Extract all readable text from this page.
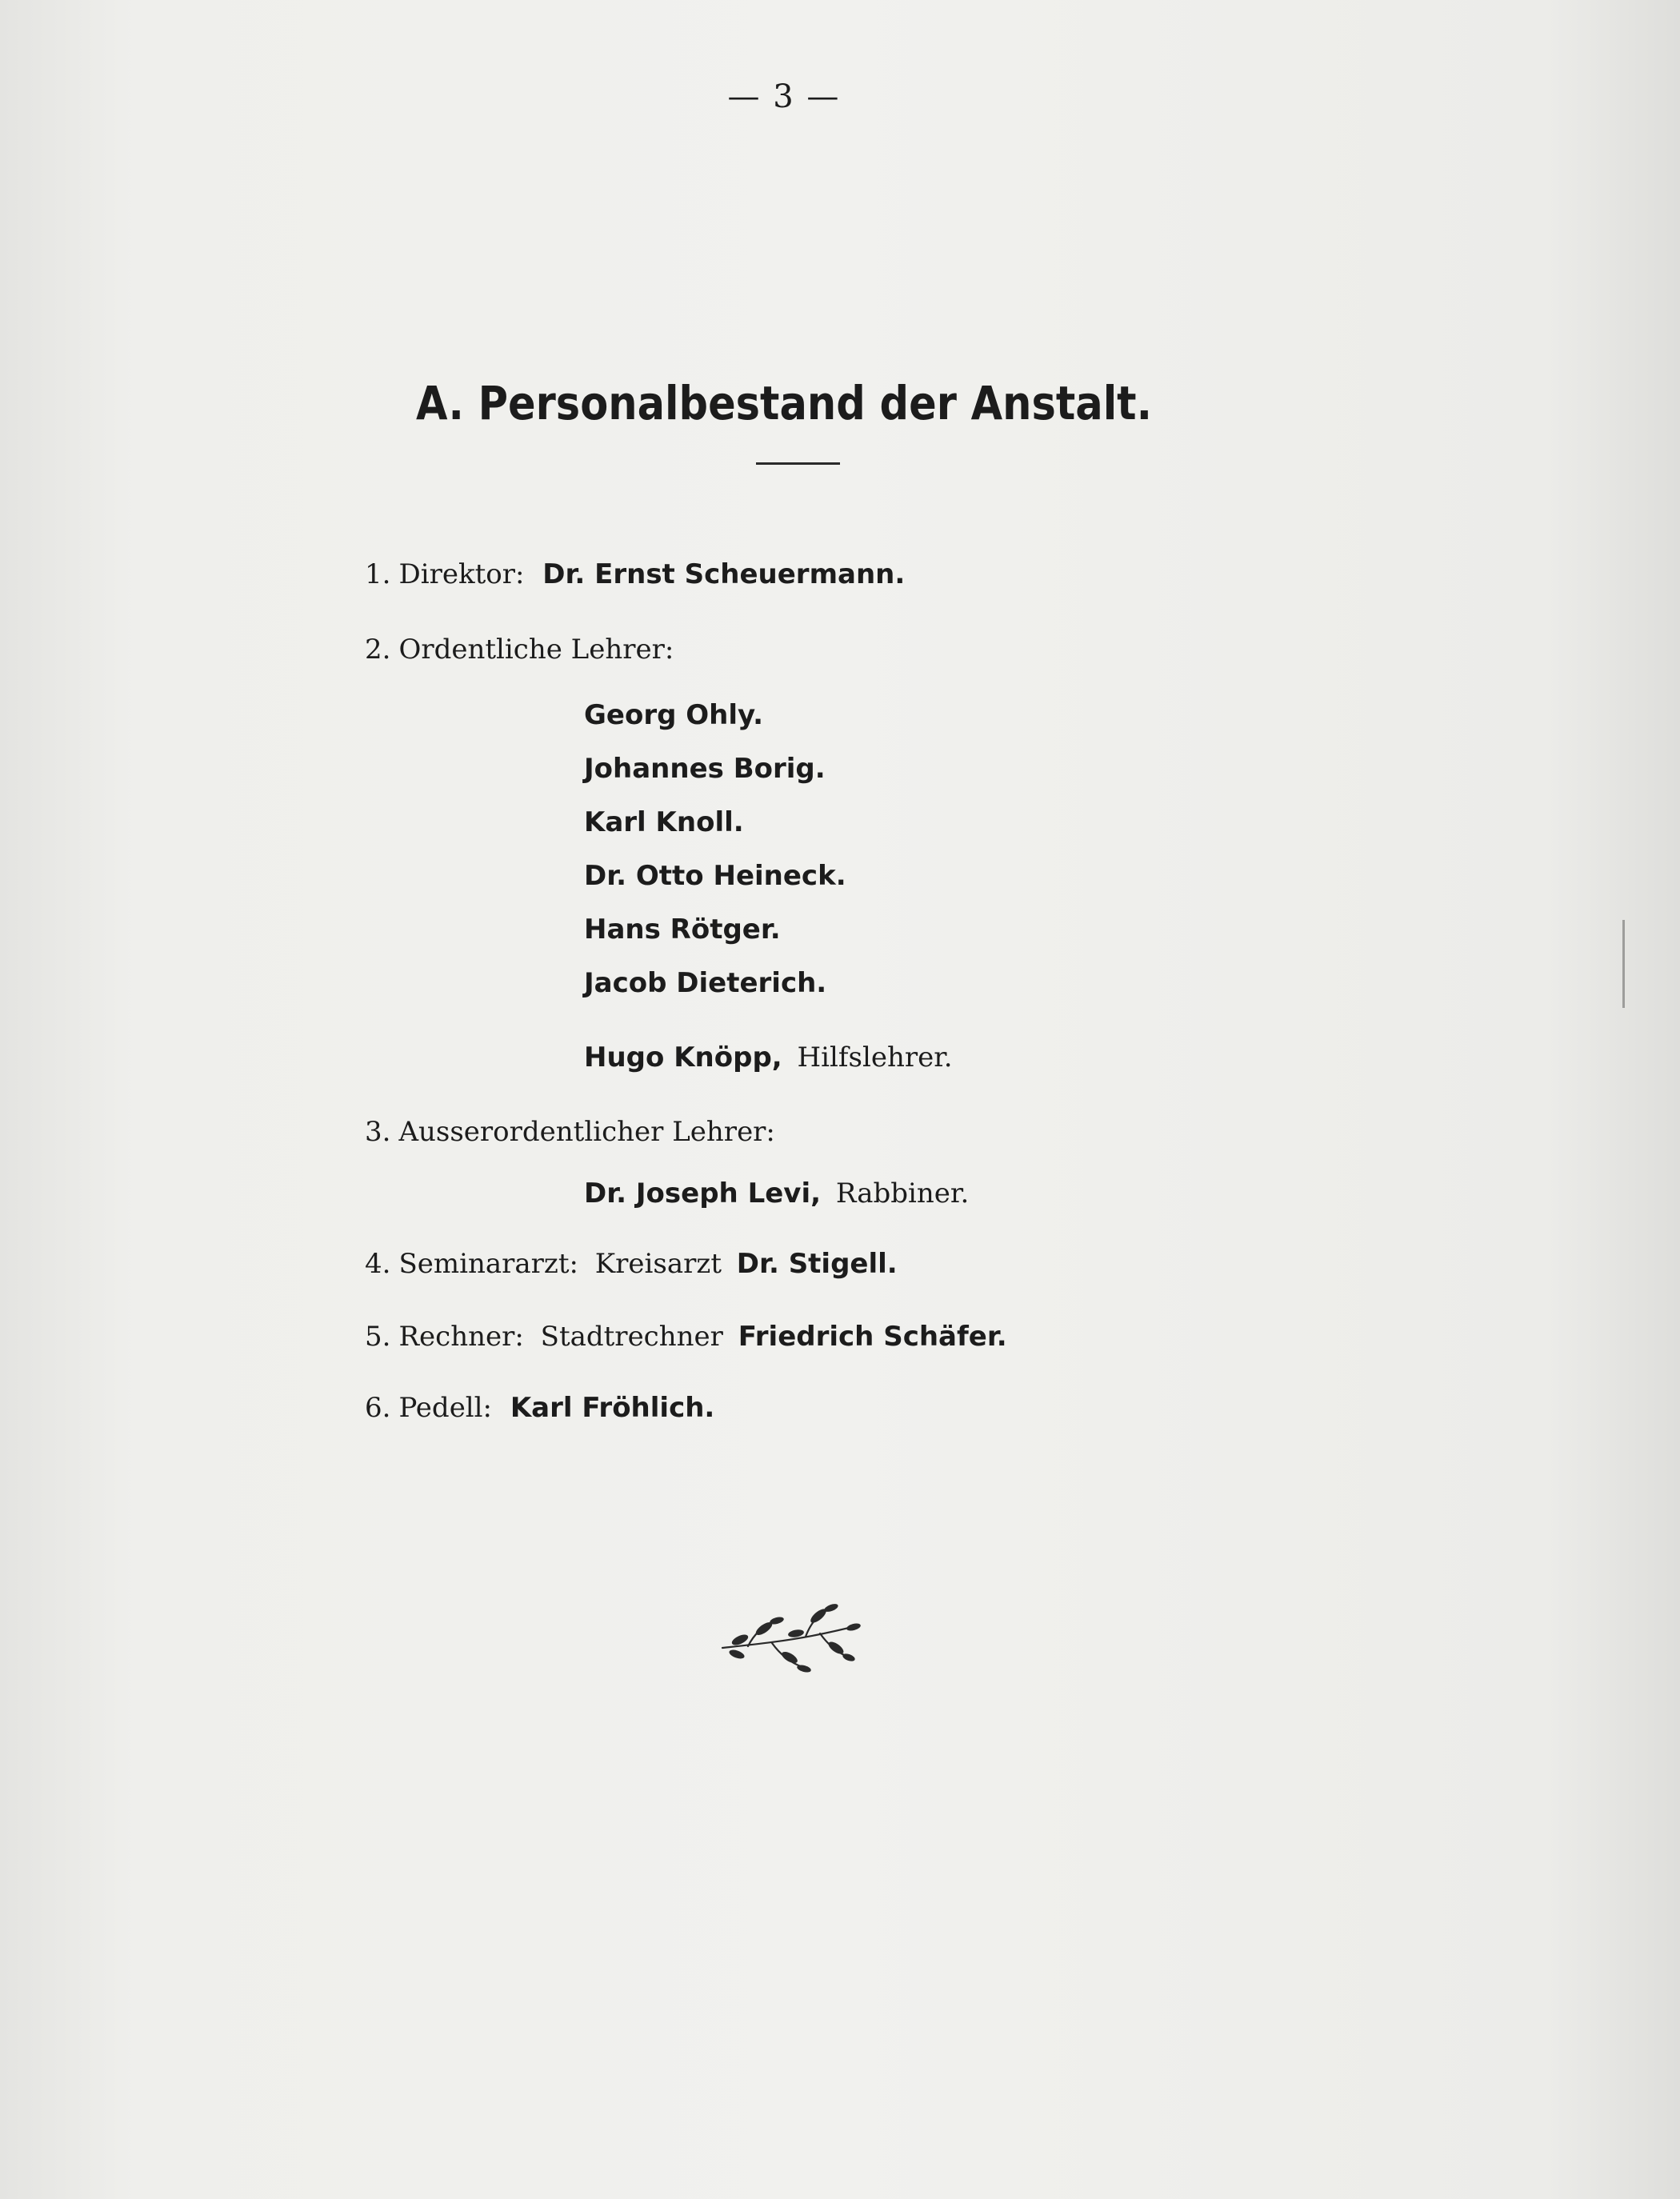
— 3 —
A. Personalbestand der Anstalt.
1. Direktor: Dr. Ernst Scheuermann.
2. Ordentliche Lehrer:
Georg Ohly.
Johannes Borig.
Karl Knoll.
Dr. Otto Heineck.
Hans Rötger.
Jacob Dieterich.
Hugo Knöpp, Hilfslehrer.
3. Ausserordentlicher Lehrer:
Dr. Joseph Levi, Rabbiner.
4. Seminararzt: Kreisarzt Dr. Stigell.
5. Rechner: Stadtrechner Friedrich Schäfer.
6. Pedell: Karl Fröhlich.
